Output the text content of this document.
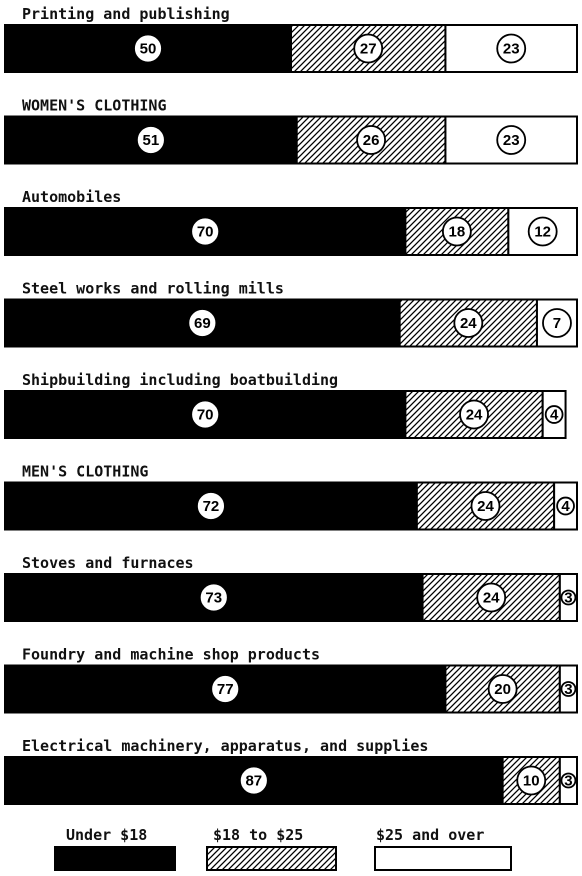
Printing and publishing
50	27	23
WOMEN'S CLOTHING
51	26	23
Automobiles
70	18	12
Steel works and rolling mills
69	24	7
Shipbuilding including boatbuilding
70	24	4
MEN'S CLOTHING
72	24	4
Stoves and furnaces
73	24	3
Foundry and machine shop products
77	20	3
Electrical machinery, apparatus, and supplies
87	10 3
Under $18	$18 to $25	$25 and over
